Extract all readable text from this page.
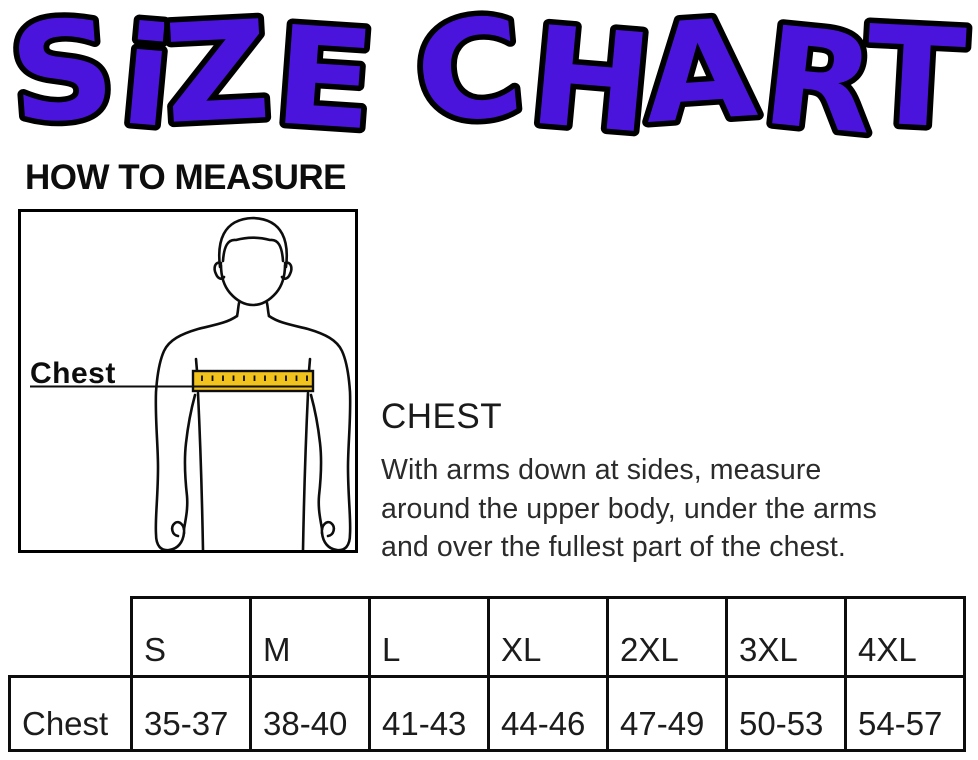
SiZE CHART
HOW TO MEASURE
Chest
CHEST
With arms down at sides, measure
around the upper body, under the arms
and over the fullest part of the chest.
	S	M	L	XL	2XL	3XL	4XL
Chest	35-37	38-40	41-43	44-46	47-49	50-53	54-57
